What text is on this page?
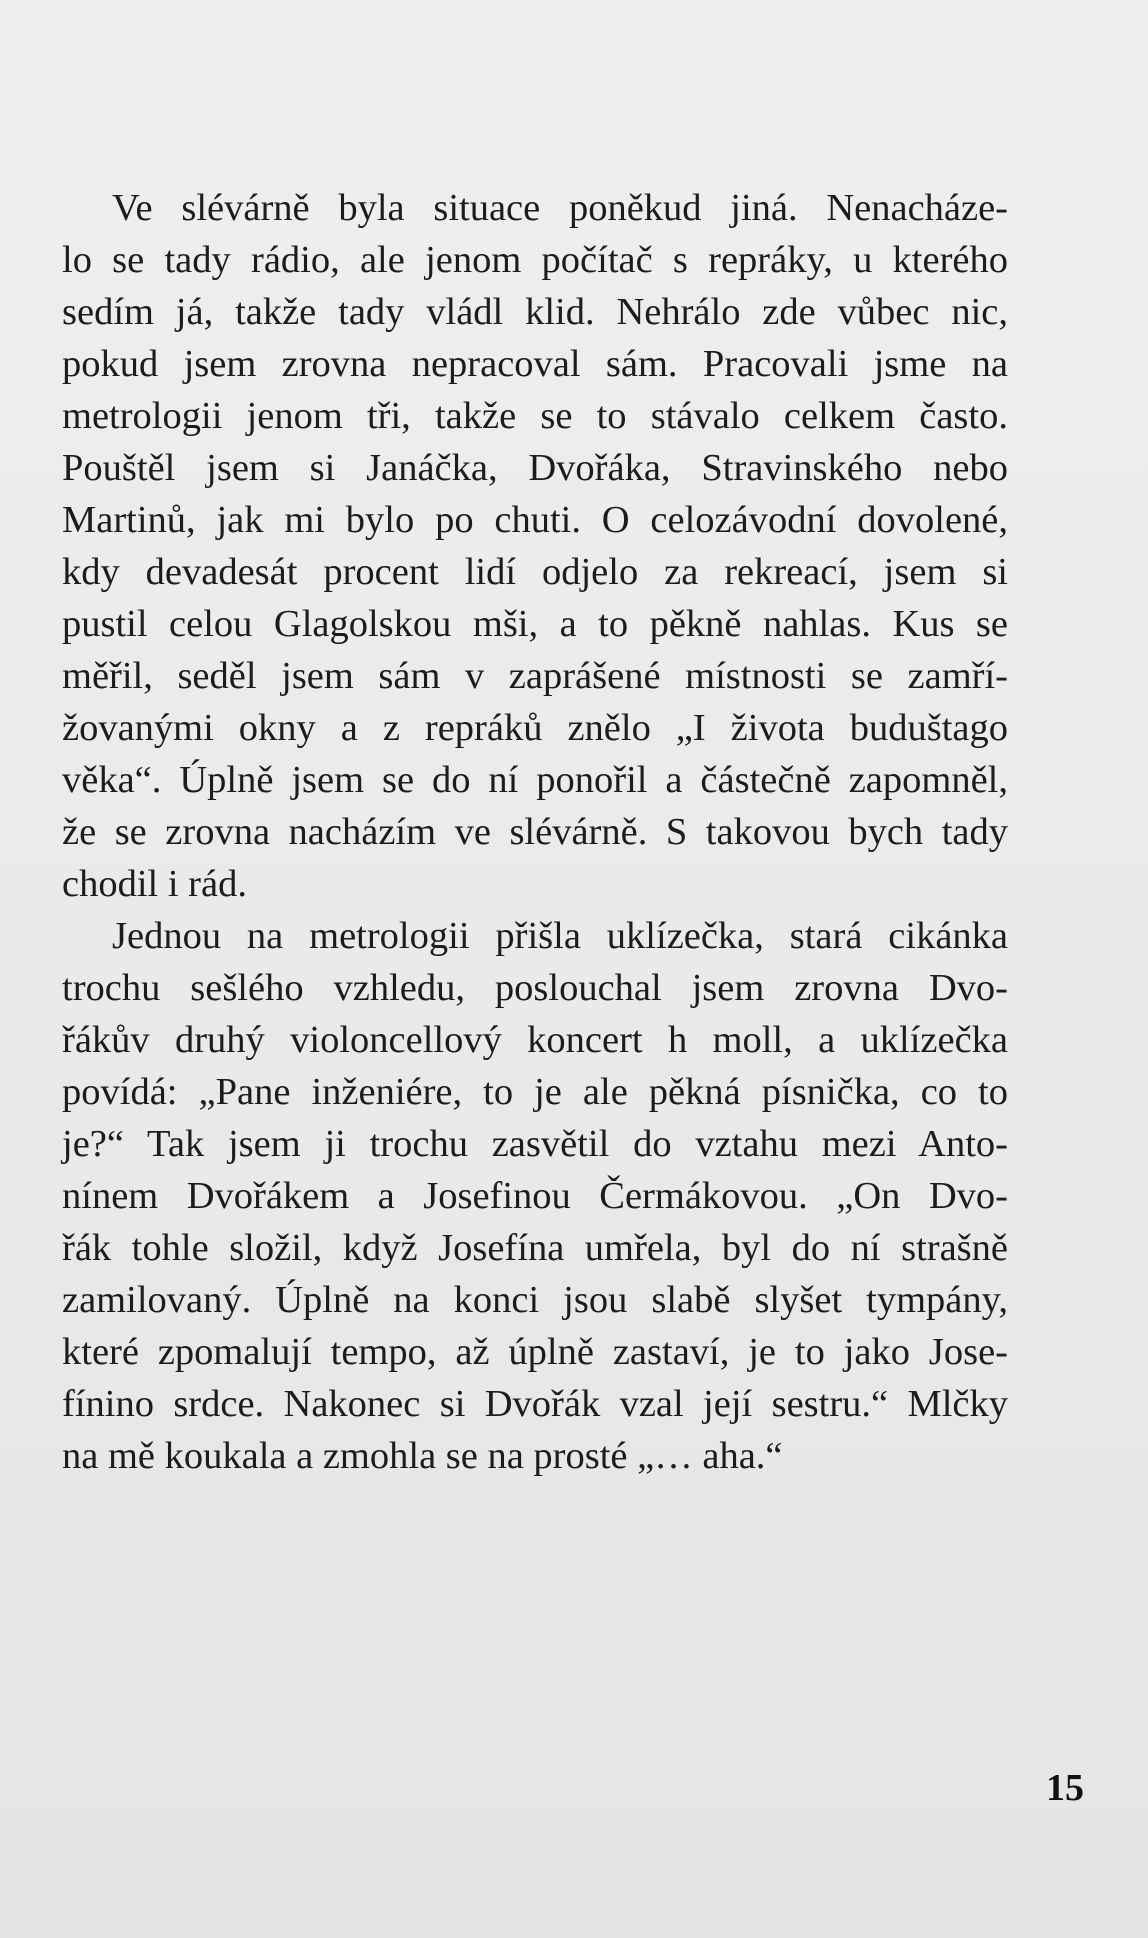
Ve slévárně byla situace poněkud jiná. Nenacháze-
lo se tady rádio, ale jenom počítač s repráky, u kterého
sedím já, takže tady vládl klid. Nehrálo zde vůbec nic,
pokud jsem zrovna nepracoval sám. Pracovali jsme na
metrologii jenom tři, takže se to stávalo celkem často.
Pouštěl jsem si Janáčka, Dvořáka, Stravinského nebo
Martinů, jak mi bylo po chuti. O celozávodní dovolené,
kdy devadesát procent lidí odjelo za rekreací, jsem si
pustil celou Glagolskou mši, a to pěkně nahlas. Kus se
měřil, seděl jsem sám v zaprášené místnosti se zamří-
žovanými okny a z repráků znělo „I života buduštago
věka“. Úplně jsem se do ní ponořil a částečně zapomněl,
že se zrovna nacházím ve slévárně. S takovou bych tady
chodil i rád.
Jednou na metrologii přišla uklízečka, stará cikánka
trochu sešlého vzhledu, poslouchal jsem zrovna Dvo-
řákův druhý violoncellový koncert h moll, a uklízečka
povídá: „Pane inženiére, to je ale pěkná písnička, co to
je?“ Tak jsem ji trochu zasvětil do vztahu mezi Anto-
nínem Dvořákem a Josefinou Čermákovou. „On Dvo-
řák tohle složil, když Josefína umřela, byl do ní strašně
zamilovaný. Úplně na konci jsou slabě slyšet tympány,
které zpomalují tempo, až úplně zastaví, je to jako Jose-
fínino srdce. Nakonec si Dvořák vzal její sestru.“ Mlčky
na mě koukala a zmohla se na prosté „… aha.“
15
